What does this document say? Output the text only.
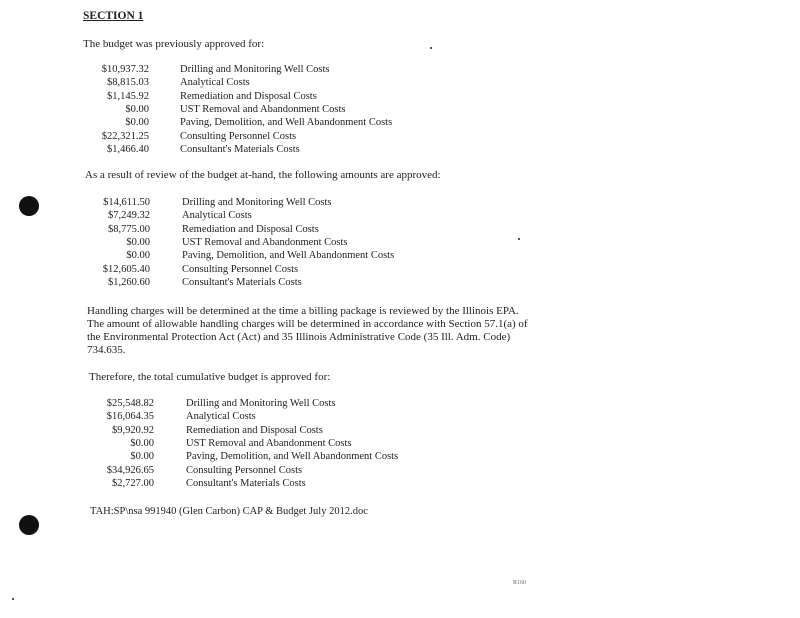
SECTION 1
The budget was previously approved for:
$10,937.32	Drilling and Monitoring Well Costs
$8,815.03	Analytical Costs
$1,145.92	Remediation and Disposal Costs
$0.00	UST Removal and Abandonment Costs
$0.00	Paving, Demolition, and Well Abandonment Costs
$22,321.25	Consulting Personnel Costs
$1,466.40	Consultant's Materials Costs
As a result of review of the budget at-hand, the following amounts are approved:
$14,611.50	Drilling and Monitoring Well Costs
$7,249.32	Analytical Costs
$8,775.00	Remediation and Disposal Costs
$0.00	UST Removal and Abandonment Costs
$0.00	Paving, Demolition, and Well Abandonment Costs
$12,605.40	Consulting Personnel Costs
$1,260.60	Consultant's Materials Costs
Handling charges will be determined at the time a billing package is reviewed by the Illinois EPA.
The amount of allowable handling charges will be determined in accordance with Section 57.1(a) of
the Environmental Protection Act (Act) and 35 Illinois Administrative Code (35 Ill. Adm. Code)
734.635.
Therefore, the total cumulative budget is approved for:
$25,548.82	Drilling and Monitoring Well Costs
$16,064.35	Analytical Costs
$9,920.92	Remediation and Disposal Costs
$0.00	UST Removal and Abandonment Costs
$0.00	Paving, Demolition, and Well Abandonment Costs
$34,926.65	Consulting Personnel Costs
$2,727.00	Consultant's Materials Costs
TAH:SP\nsa 991940 (Glen Carbon) CAP & Budget July 2012.doc
R160
